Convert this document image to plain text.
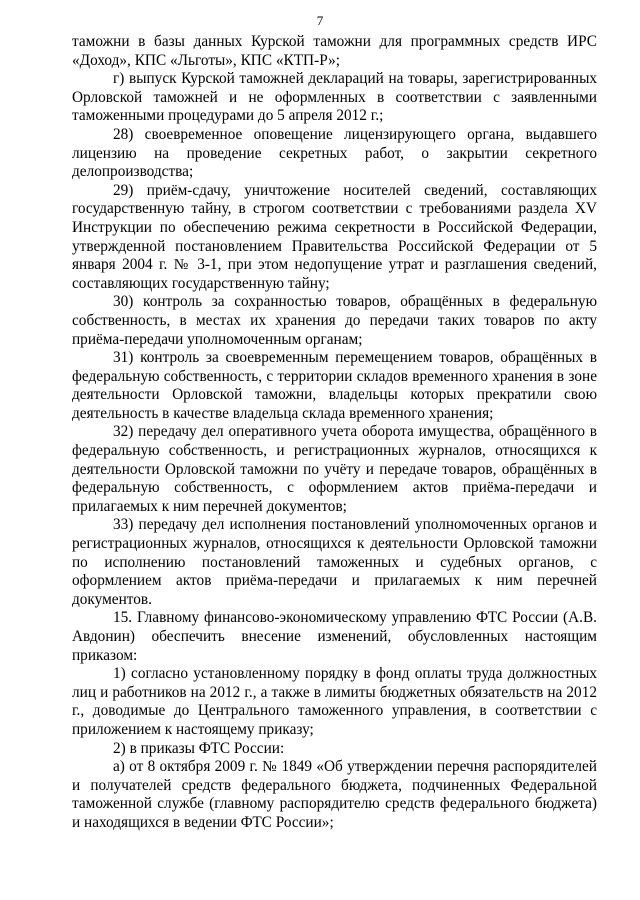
7

таможни в базы данных Курской таможни для программных средств ИРС «Доход», КПС «Льготы», КПС «КТП-Р»;

г) выпуск Курской таможней деклараций на товары, зарегистрированных Орловской таможней и не оформленных в соответствии с заявленными таможенными процедурами до 5 апреля 2012 г.;

28) своевременное оповещение лицензирующего органа, выдавшего лицензию на проведение секретных работ, о закрытии секретного делопроизводства;

29) приём-сдачу, уничтожение носителей сведений, составляющих государственную тайну, в строгом соответствии с требованиями раздела XV Инструкции по обеспечению режима секретности в Российской Федерации, утвержденной постановлением Правительства Российской Федерации от 5 января 2004 г. № 3-1, при этом недопущение утрат и разглашения сведений, составляющих государственную тайну;

30) контроль за сохранностью товаров, обращённых в федеральную собственность, в местах их хранения до передачи таких товаров по акту приёма-передачи уполномоченным органам;

31) контроль за своевременным перемещением товаров, обращённых в федеральную собственность, с территории складов временного хранения в зоне деятельности Орловской таможни, владельцы которых прекратили свою деятельность в качестве владельца склада временного хранения;

32) передачу дел оперативного учета оборота имущества, обращённого в федеральную собственность, и регистрационных журналов, относящихся к деятельности Орловской таможни по учёту и передаче товаров, обращённых в федеральную собственность, с оформлением актов приёма-передачи и прилагаемых к ним перечней документов;

33) передачу дел исполнения постановлений уполномоченных органов и регистрационных журналов, относящихся к деятельности Орловской таможни по исполнению постановлений таможенных и судебных органов, с оформлением актов приёма-передачи и прилагаемых к ним перечней документов.

15. Главному финансово-экономическому управлению ФТС России (А.В. Авдонин) обеспечить внесение изменений, обусловленных настоящим приказом:

1) согласно установленному порядку в фонд оплаты труда должностных лиц и работников на 2012 г., а также в лимиты бюджетных обязательств на 2012 г., доводимые до Центрального таможенного управления, в соответствии с приложением к настоящему приказу;

2) в приказы ФТС России:

а) от 8 октября 2009 г. № 1849 «Об утверждении перечня распорядителей и получателей средств федерального бюджета, подчиненных Федеральной таможенной службе (главному распорядителю средств федерального бюджета) и находящихся в ведении ФТС России»;
